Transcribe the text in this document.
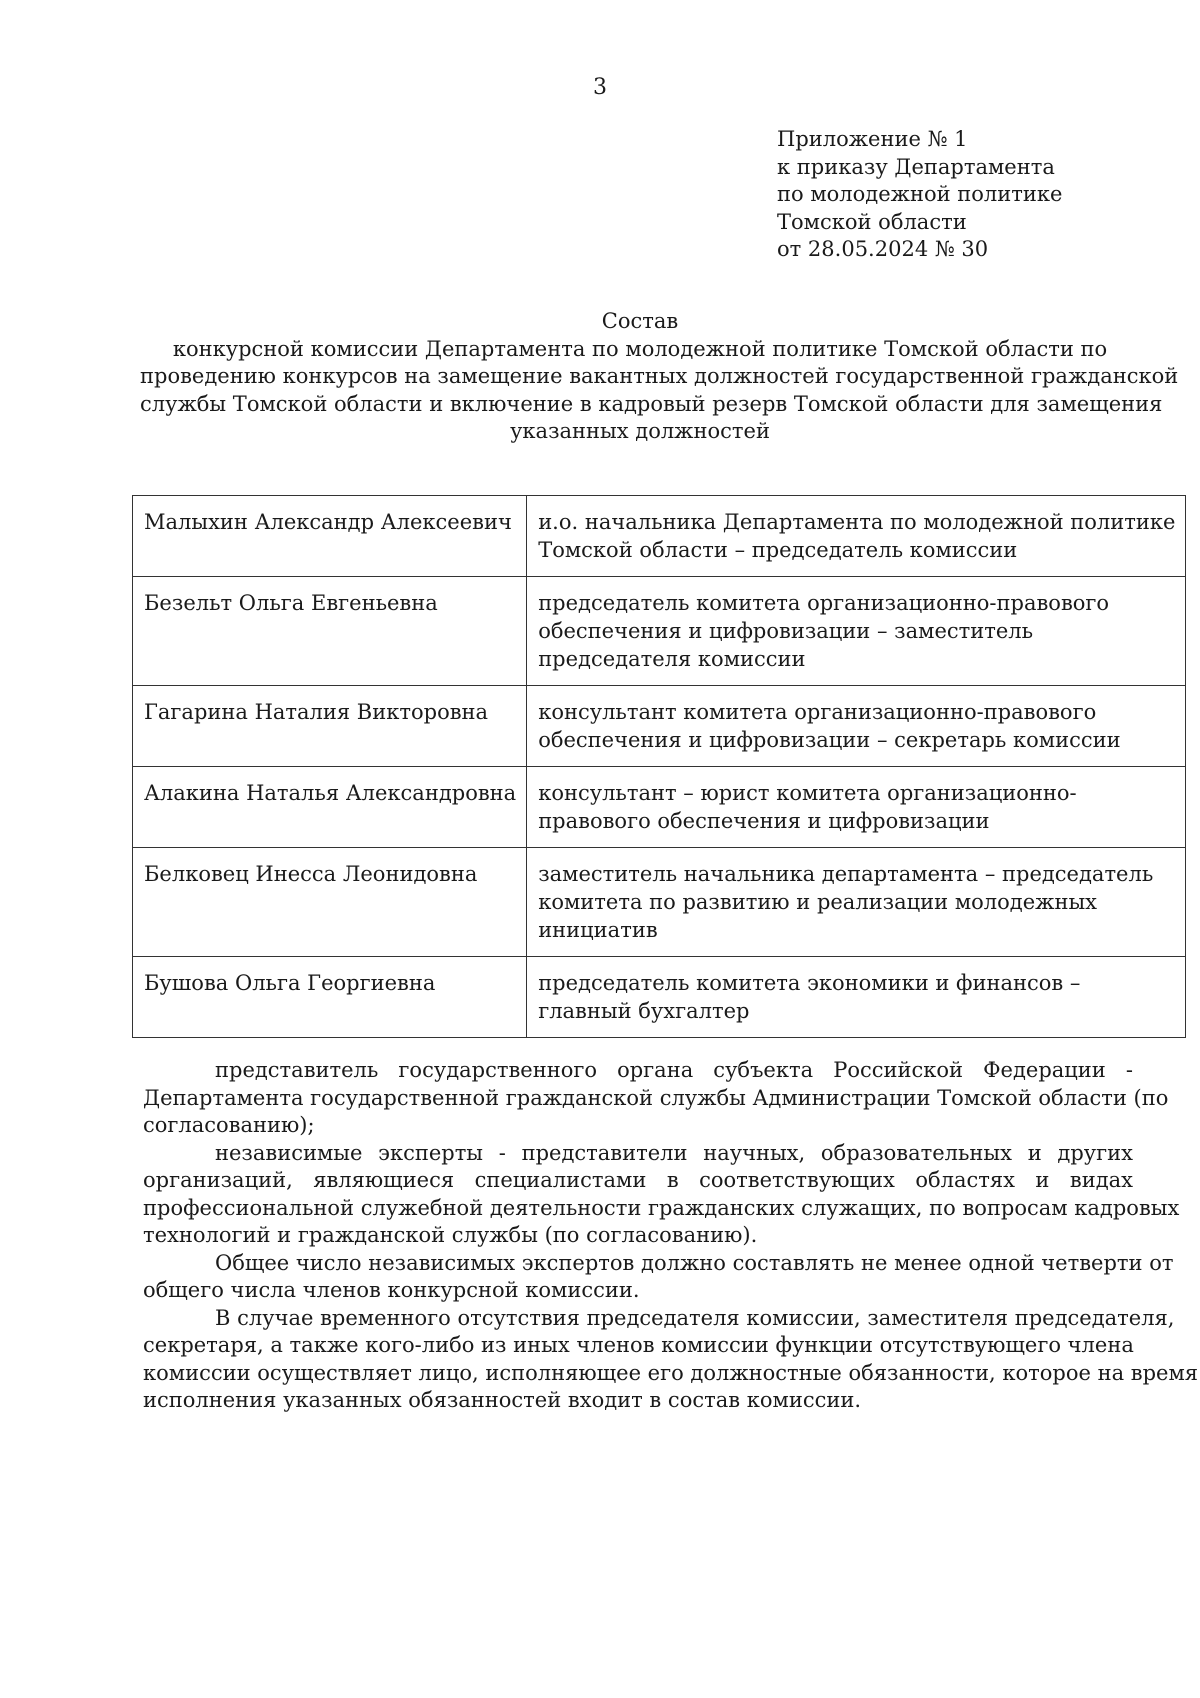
3
Приложение № 1
к приказу Департамента
по молодежной политике
Томской области
от 28.05.2024 № 30
Состав
конкурсной комиссии Департамента по молодежной политике Томской области по
проведению конкурсов на замещение вакантных должностей государственной гражданской
службы Томской области и включение в кадровый резерв Томской области для замещения
указанных должностей
Малыхин Александр Алексеевич	и.о. начальника Департамента по молодежной политике
Томской области – председатель комиссии

Безельт Ольга Евгеньевна	председатель комитета организационно-правового
обеспечения и цифровизации – заместитель
председателя комиссии

Гагарина Наталия Викторовна	консультант комитета организационно-правового
обеспечения и цифровизации – секретарь комиссии

Алакина Наталья Александровна	консультант – юрист комитета организационно-
правового обеспечения и цифровизации

Белковец Инесса Леонидовна	заместитель начальника департамента – председатель
комитета по развитию и реализации молодежных
инициатив

Бушова Ольга Георгиевна	председатель комитета экономики и финансов –
главный бухгалтер
представитель государственного органа субъекта Российской Федерации -
Департамента государственной гражданской службы Администрации Томской области (по
согласованию);
независимые эксперты - представители научных, образовательных и других
организаций, являющиеся специалистами в соответствующих областях и видах
профессиональной служебной деятельности гражданских служащих, по вопросам кадровых
технологий и гражданской службы (по согласованию).
Общее число независимых экспертов должно составлять не менее одной четверти от
общего числа членов конкурсной комиссии.
В случае временного отсутствия председателя комиссии, заместителя председателя,
секретаря, а также кого-либо из иных членов комиссии функции отсутствующего члена
комиссии осуществляет лицо, исполняющее его должностные обязанности, которое на время
исполнения указанных обязанностей входит в состав комиссии.
